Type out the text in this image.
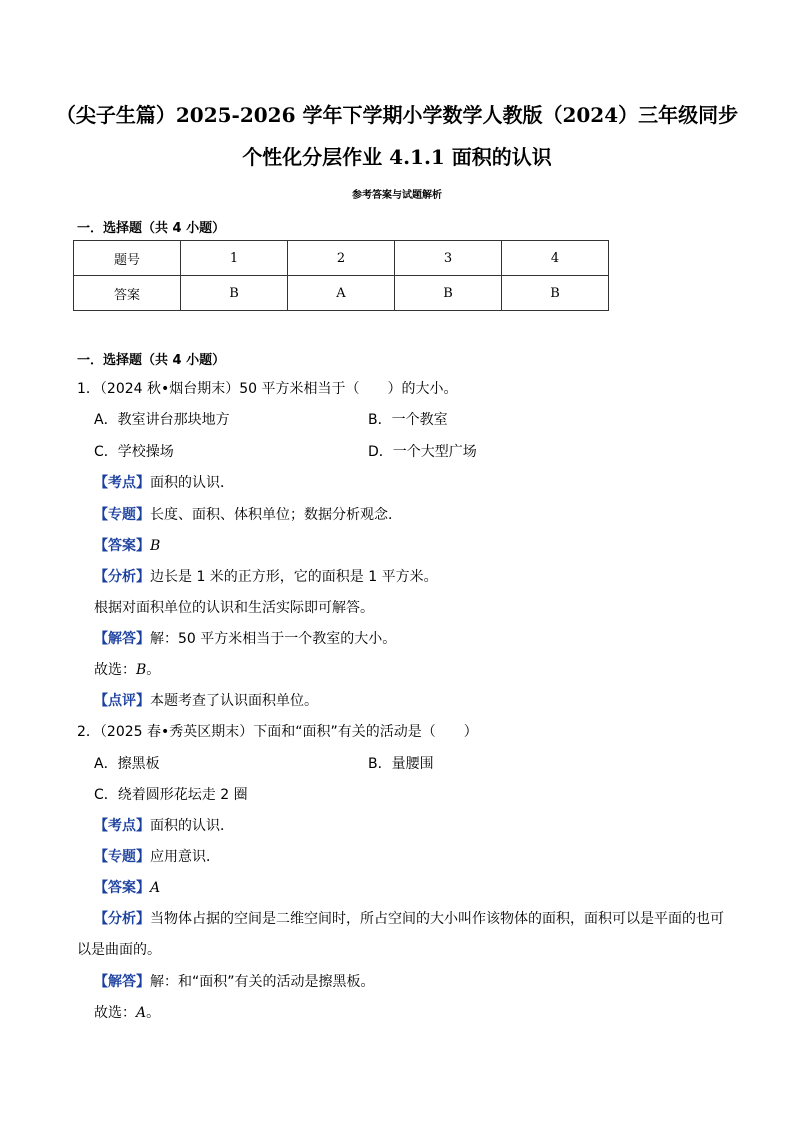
（尖子生篇）2025-2026 学年下学期小学数学人教版（2024）三年级同步
个性化分层作业 4.1.1 面积的认识
参考答案与试题解析
一．选择题（共 4 小题）
题号	1	2	3	4
答案	B	A	B	B
一．选择题（共 4 小题）
1．（2024 秋•烟台期末）50 平方米相当于（　　）的大小。
A．教室讲台那块地方	B．一个教室
C．学校操场	D．一个大型广场
【考点】面积的认识．
【专题】长度、面积、体积单位；数据分析观念．
【答案】B
【分析】边长是 1 米的正方形，它的面积是 1 平方米。
根据对面积单位的认识和生活实际即可解答。
【解答】解：50 平方米相当于一个教室的大小。
故选：B。
【点评】本题考查了认识面积单位。
2．（2025 春•秀英区期末）下面和“面积”有关的活动是（　　）
A．擦黑板	B．量腰围
C．绕着圆形花坛走 2 圈
【考点】面积的认识．
【专题】应用意识．
【答案】A
【分析】当物体占据的空间是二维空间时，所占空间的大小叫作该物体的面积，面积可以是平面的也可
以是曲面的。
【解答】解：和“面积”有关的活动是擦黑板。
故选：A。
